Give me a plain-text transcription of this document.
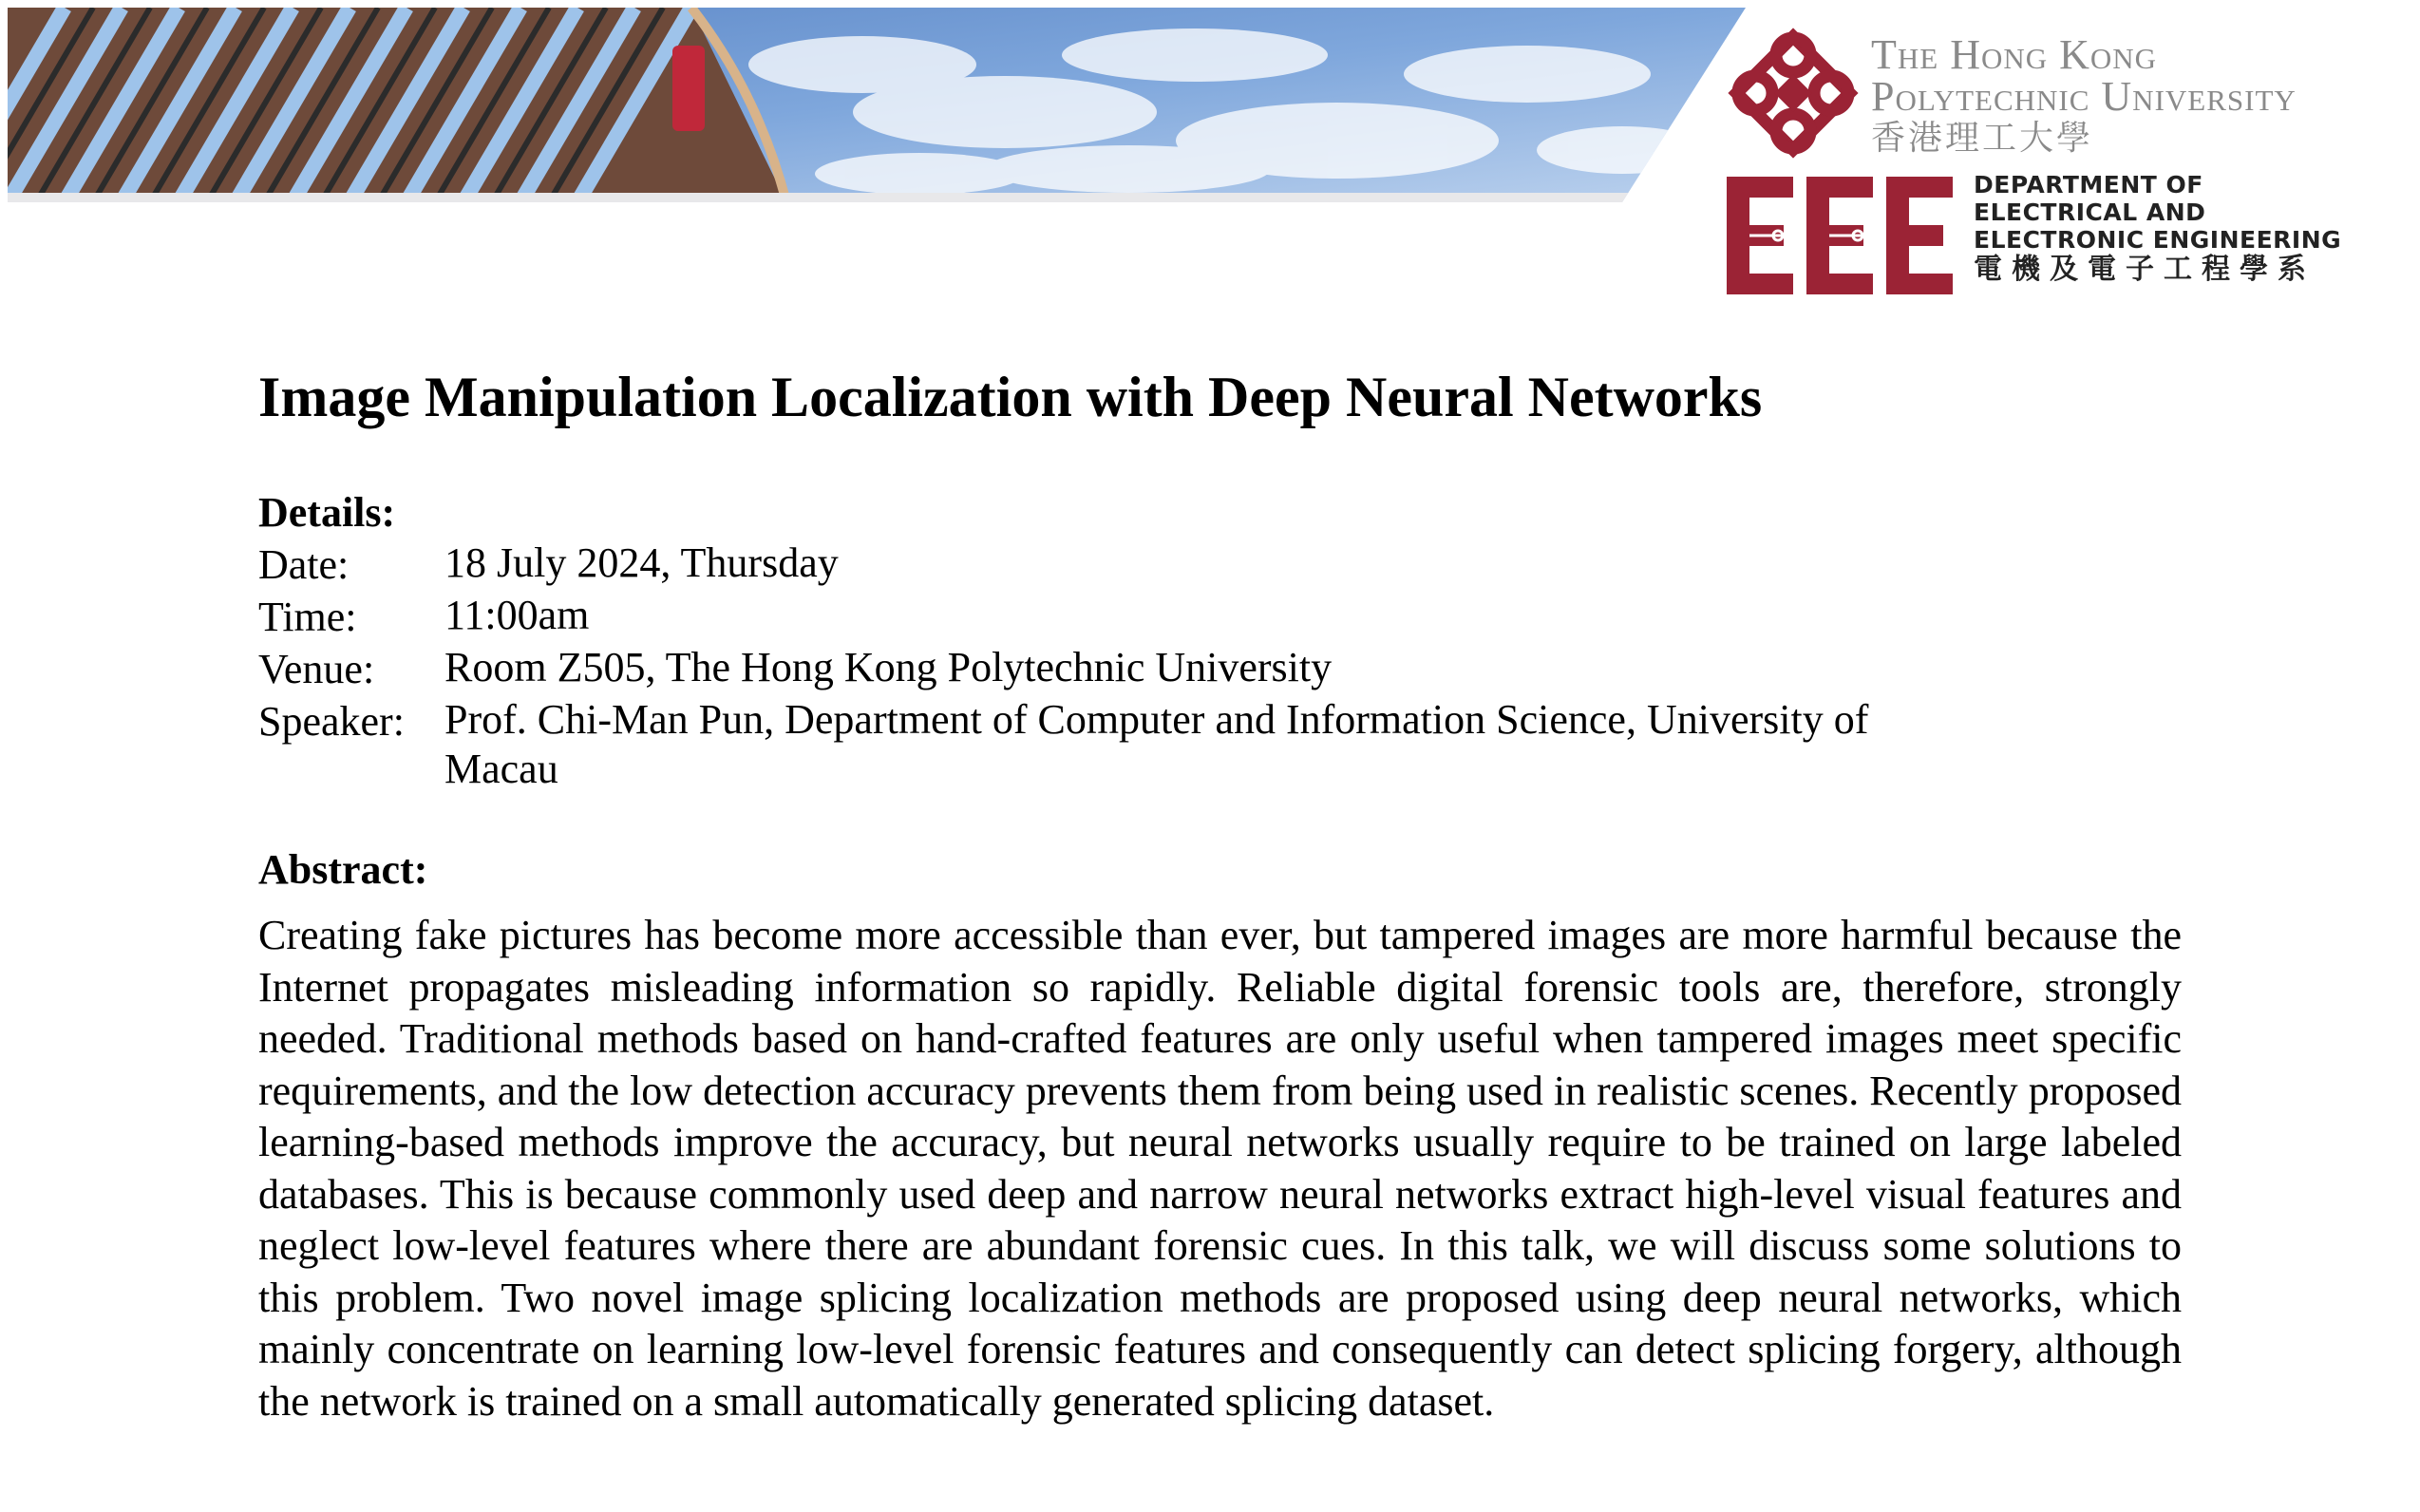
The Hong Kong
Polytechnic University
香港理工大學
DEPARTMENT OF
ELECTRICAL AND
ELECTRONIC ENGINEERING
電機及電子工程學系
Image Manipulation Localization with Deep Neural Networks
Details:
Date:	18 July 2024, Thursday
Time:	11:00am
Venue:	Room Z505, The Hong Kong Polytechnic University
Speaker: Prof. Chi-Man Pun, Department of Computer and Information Science, University of Macau
Abstract:

Creating fake pictures has become more accessible than ever, but tampered images are more harmful because the Internet propagates misleading information so rapidly. Reliable digital forensic tools are, therefore, strongly needed. Traditional methods based on hand-crafted features are only useful when tampered images meet specific requirements, and the low detection accuracy prevents them from being used in realistic scenes. Recently proposed learning-based methods improve the accuracy, but neural networks usually require to be trained on large labeled databases. This is because commonly used deep and narrow neural networks extract high-level visual features and neglect low-level features where there are abundant forensic cues. In this talk, we will discuss some solutions to this problem. Two novel image splicing localization methods are proposed using deep neural networks, which mainly concentrate on learning low-level forensic features and consequently can detect splicing forgery, although the network is trained on a small automatically generated splicing dataset.
